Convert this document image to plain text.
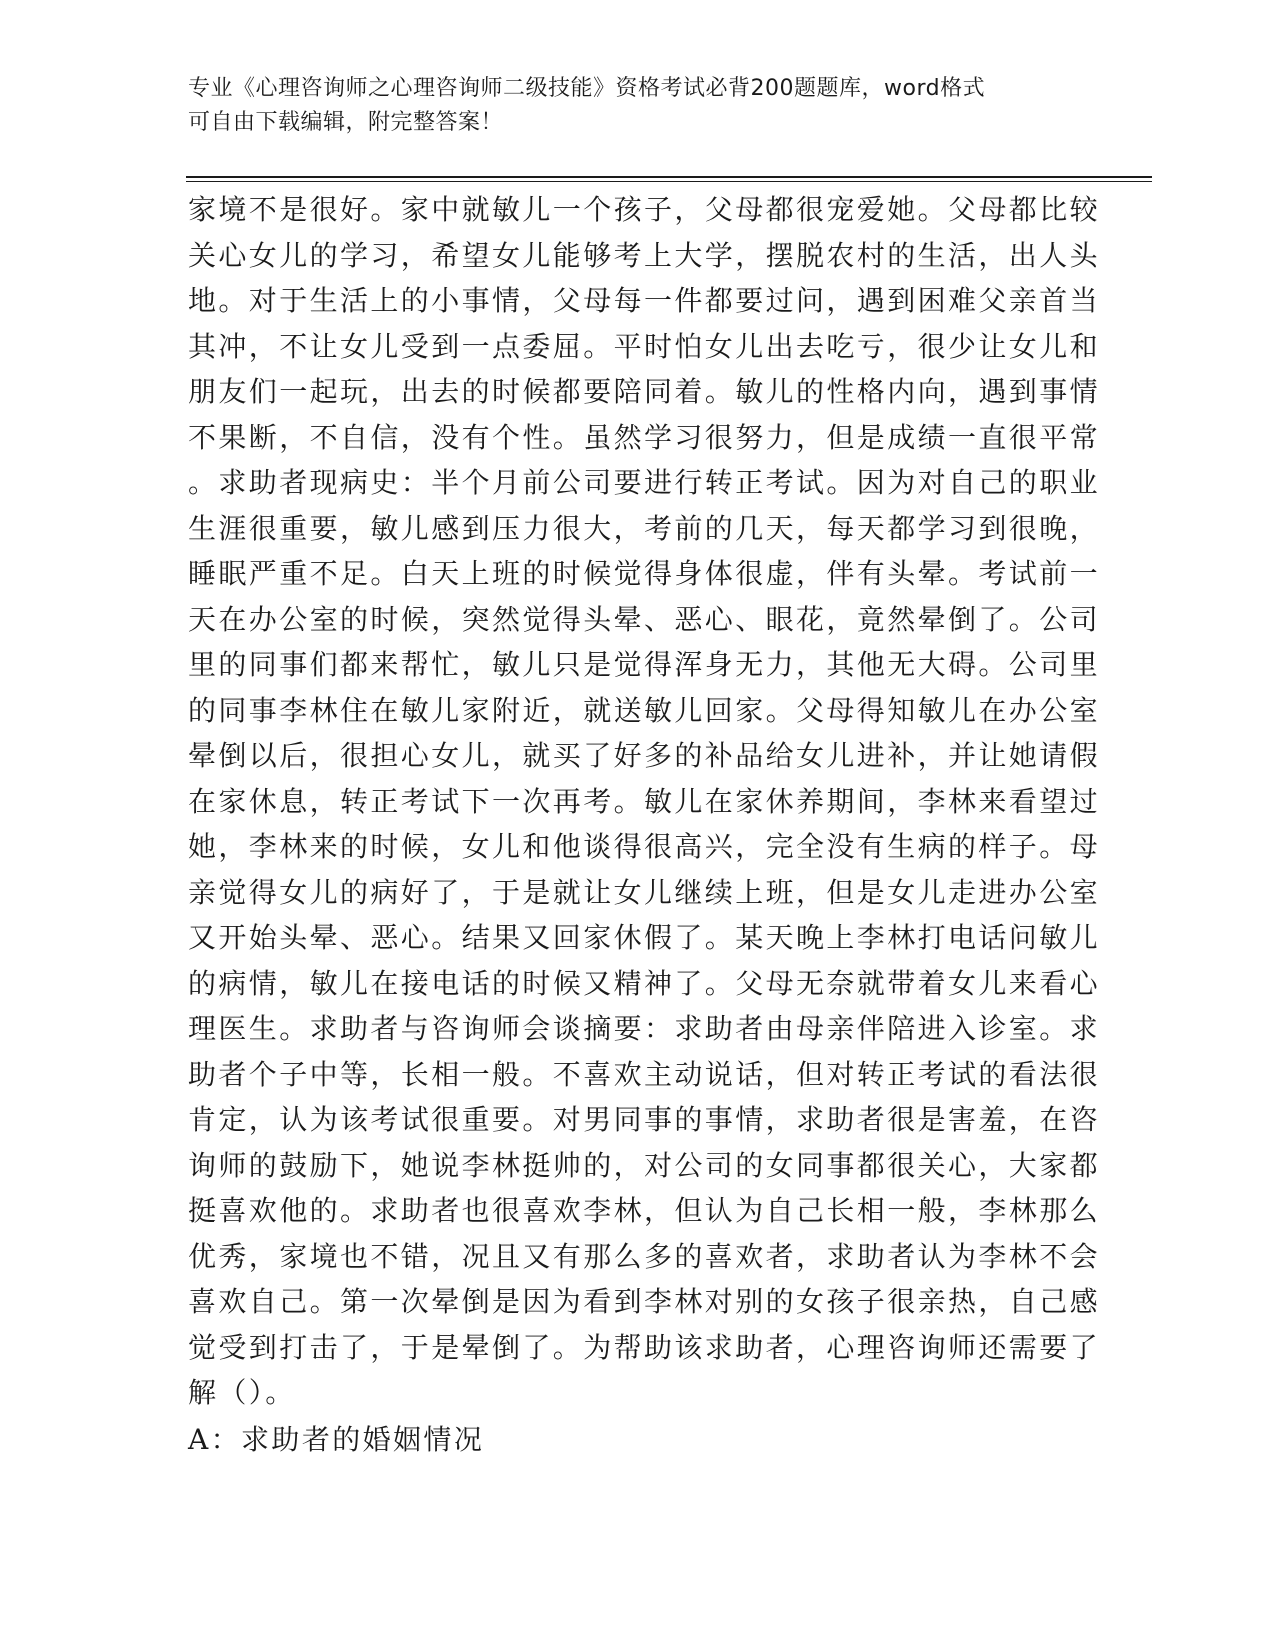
专业《心理咨询师之心理咨询师二级技能》资格考试必背200题题库，word格式
可自由下载编辑，附完整答案！
家境不是很好。家中就敏儿一个孩子，父母都很宠爱她。父母都比较
关心女儿的学习，希望女儿能够考上大学，摆脱农村的生活，出人头
地。对于生活上的小事情，父母每一件都要过问，遇到困难父亲首当
其冲，不让女儿受到一点委屈。平时怕女儿出去吃亏，很少让女儿和
朋友们一起玩，出去的时候都要陪同着。敏儿的性格内向，遇到事情
不果断，不自信，没有个性。虽然学习很努力，但是成绩一直很平常
。求助者现病史：半个月前公司要进行转正考试。因为对自己的职业
生涯很重要，敏儿感到压力很大，考前的几天，每天都学习到很晚，
睡眠严重不足。白天上班的时候觉得身体很虚，伴有头晕。考试前一
天在办公室的时候，突然觉得头晕、恶心、眼花，竟然晕倒了。公司
里的同事们都来帮忙，敏儿只是觉得浑身无力，其他无大碍。公司里
的同事李林住在敏儿家附近，就送敏儿回家。父母得知敏儿在办公室
晕倒以后，很担心女儿，就买了好多的补品给女儿进补，并让她请假
在家休息，转正考试下一次再考。敏儿在家休养期间，李林来看望过
她，李林来的时候，女儿和他谈得很高兴，完全没有生病的样子。母
亲觉得女儿的病好了，于是就让女儿继续上班，但是女儿走进办公室
又开始头晕、恶心。结果又回家休假了。某天晚上李林打电话问敏儿
的病情，敏儿在接电话的时候又精神了。父母无奈就带着女儿来看心
理医生。求助者与咨询师会谈摘要：求助者由母亲伴陪进入诊室。求
助者个子中等，长相一般。不喜欢主动说话，但对转正考试的看法很
肯定，认为该考试很重要。对男同事的事情，求助者很是害羞，在咨
询师的鼓励下，她说李林挺帅的，对公司的女同事都很关心，大家都
挺喜欢他的。求助者也很喜欢李林，但认为自己长相一般，李林那么
优秀，家境也不错，况且又有那么多的喜欢者，求助者认为李林不会
喜欢自己。第一次晕倒是因为看到李林对别的女孩子很亲热，自己感
觉受到打击了，于是晕倒了。为帮助该求助者，心理咨询师还需要了
解（）。
A：求助者的婚姻情况
